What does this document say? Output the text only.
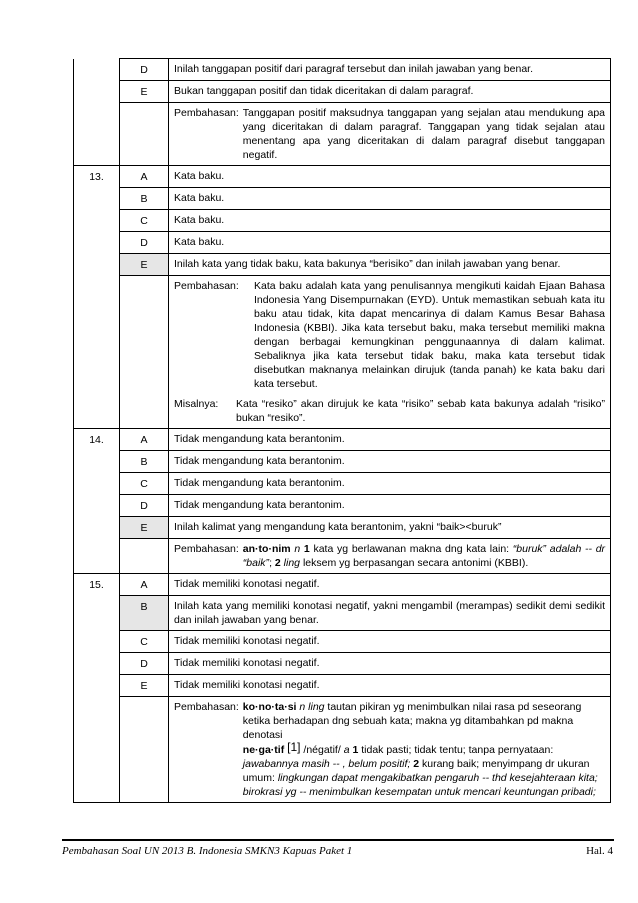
	D	Inilah tanggapan positif dari paragraf tersebut dan inilah jawaban yang benar.
	E	Bukan tanggapan positif dan tidak diceritakan di dalam paragraf.

		Pembahasan: Tanggapan positif maksudnya tanggapan yang sejalan atau mendukung apa yang diceritakan di dalam paragraf. Tanggapan yang tidak sejalan atau menentang apa yang diceritakan di dalam paragraf disebut tanggapan negatif.

13.	A	Kata baku.
	B	Kata baku.
	C	Kata baku.
	D	Kata baku.
	E	Inilah kata yang tidak baku, kata bakunya “berisiko” dan inilah jawaban yang benar.

		Pembahasan: Kata baku adalah kata yang penulisannya mengikuti kaidah Ejaan Bahasa Indonesia Yang Disempurnakan (EYD). Untuk memastikan sebuah kata itu baku atau tidak, kita dapat mencarinya di dalam Kamus Besar Bahasa Indonesia (KBBI). Jika kata tersebut baku, maka tersebut memiliki makna dengan berbagai kemungkinan penggunaannya di dalam kalimat. Sebaliknya jika kata tersebut tidak baku, maka kata tersebut tidak disebutkan maknanya melainkan dirujuk (tanda panah) ke kata baku dari kata tersebut.
Misalnya: Kata “resiko” akan dirujuk ke kata “risiko” sebab kata bakunya adalah “risiko” bukan “resiko”.

14.	A	Tidak mengandung kata berantonim.
	B	Tidak mengandung kata berantonim.
	C	Tidak mengandung kata berantonim.
	D	Tidak mengandung kata berantonim.
	E	Inilah kalimat yang mengandung kata berantonim, yakni “baik><buruk”

		Pembahasan: an·to·nim n 1 kata yg berlawanan makna dng kata lain: “buruk” adalah -- dr “baik”; 2 ling leksem yg berpasangan secara antonimi (KBBI).

15.	A	Tidak memiliki konotasi negatif.
	B	Inilah kata yang memiliki konotasi negatif, yakni mengambil (merampas) sedikit demi sedikit dan inilah jawaban yang benar.
	C	Tidak memiliki konotasi negatif.
	D	Tidak memiliki konotasi negatif.
	E	Tidak memiliki konotasi negatif.

		Pembahasan: ko·no·ta·si n ling tautan pikiran yg menimbulkan nilai rasa pd seseorang ketika berhadapan dng sebuah kata; makna yg ditambahkan pd makna denotasi

ne·ga·tif [1] /négatif/ a 1 tidak pasti; tidak tentu; tanpa pernyataan: jawabannya masih -- , belum positif; 2 kurang baik; menyimpang dr ukuran umum: lingkungan dapat mengakibatkan pengaruh -- thd kesejahteraan kita; birokrasi yg -- menimbulkan kesempatan untuk mencari keuntungan pribadi;

Pembahasan Soal UN 2013 B. Indonesia SMKN3 Kapuas Paket 1	Hal. 4
